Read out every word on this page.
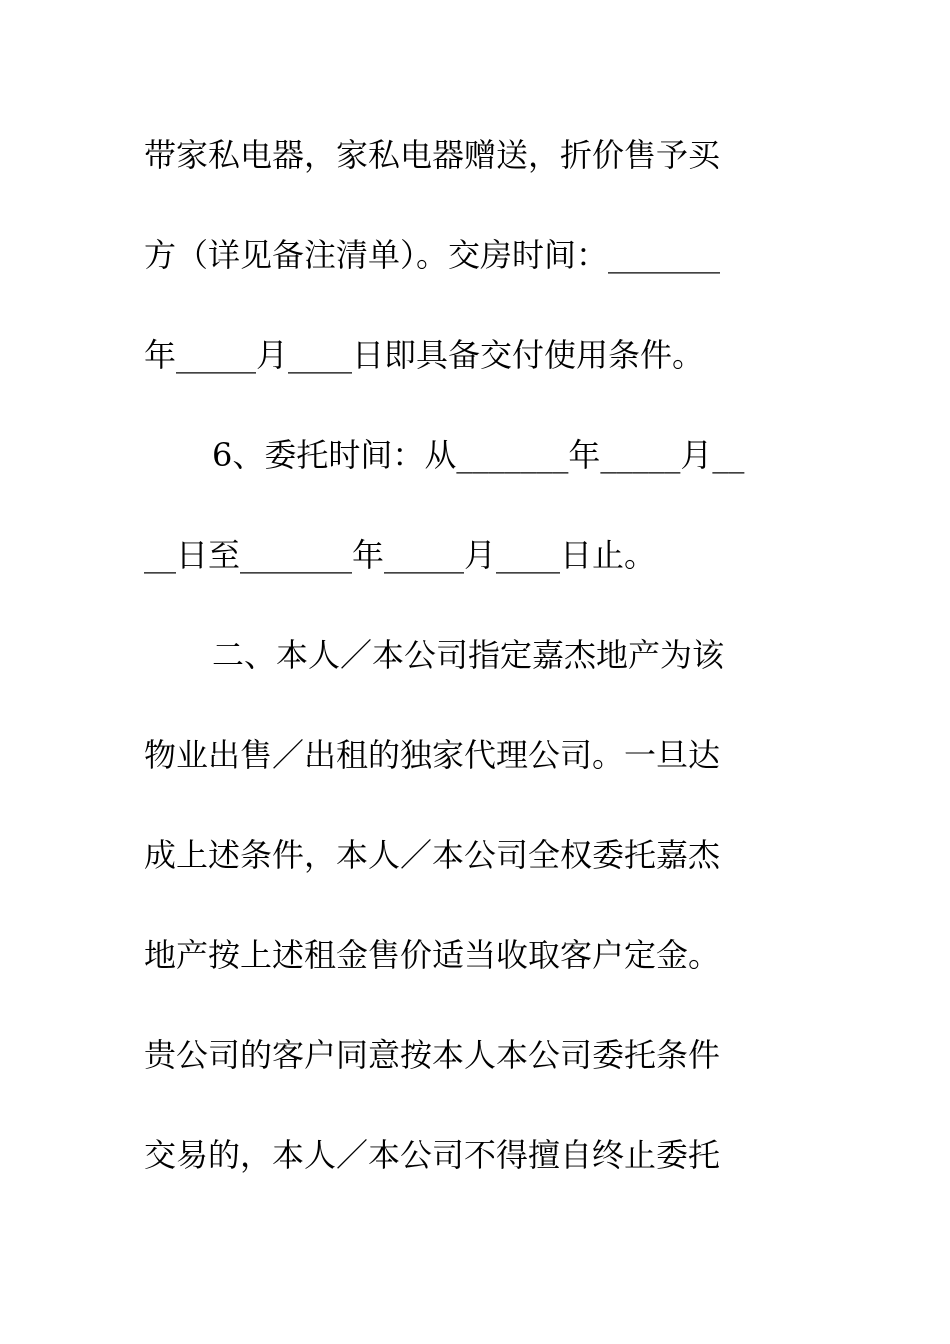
带家私电器，家私电器赠送，折价售予买
方（详见备注清单）。交房时间：_______
年_____月____日即具备交付使用条件。
6、委托时间：从_______年_____月__
__日至_______年_____月____日止。
二、本人／本公司指定嘉杰地产为该
物业出售／出租的独家代理公司。一旦达
成上述条件，本人／本公司全权委托嘉杰
地产按上述租金售价适当收取客户定金。
贵公司的客户同意按本人本公司委托条件
交易的，本人／本公司不得擅自终止委托
